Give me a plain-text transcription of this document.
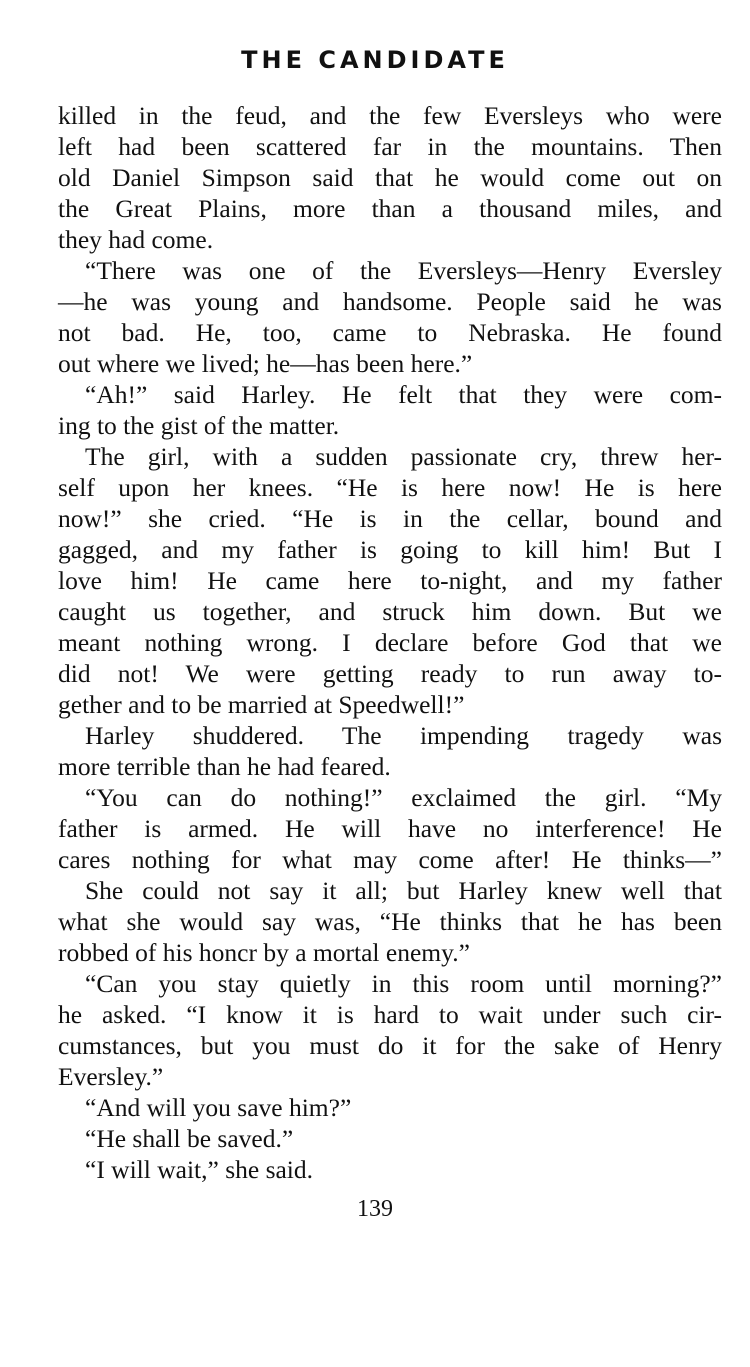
THE CANDIDATE
killed in the feud, and the few Eversleys who were
left had been scattered far in the mountains. Then
old Daniel Simpson said that he would come out on
the Great Plains, more than a thousand miles, and
they had come.
“There was one of the Eversleys—Henry Eversley
—he was young and handsome. People said he was
not bad. He, too, came to Nebraska. He found
out where we lived; he—has been here.”
“Ah!” said Harley. He felt that they were com-
ing to the gist of the matter.
The girl, with a sudden passionate cry, threw her-
self upon her knees. “He is here now! He is here
now!” she cried. “He is in the cellar, bound and
gagged, and my father is going to kill him! But I
love him! He came here to-night, and my father
caught us together, and struck him down. But we
meant nothing wrong. I declare before God that we
did not! We were getting ready to run away to-
gether and to be married at Speedwell!”
Harley shuddered. The impending tragedy was
more terrible than he had feared.
“You can do nothing!” exclaimed the girl. “My
father is armed. He will have no interference! He
cares nothing for what may come after! He thinks—”
She could not say it all; but Harley knew well that
what she would say was, “He thinks that he has been
robbed of his honcr by a mortal enemy.”
“Can you stay quietly in this room until morning?”
he asked. “I know it is hard to wait under such cir-
cumstances, but you must do it for the sake of Henry
Eversley.”
“And will you save him?”
“He shall be saved.”
“I will wait,” she said.
139
